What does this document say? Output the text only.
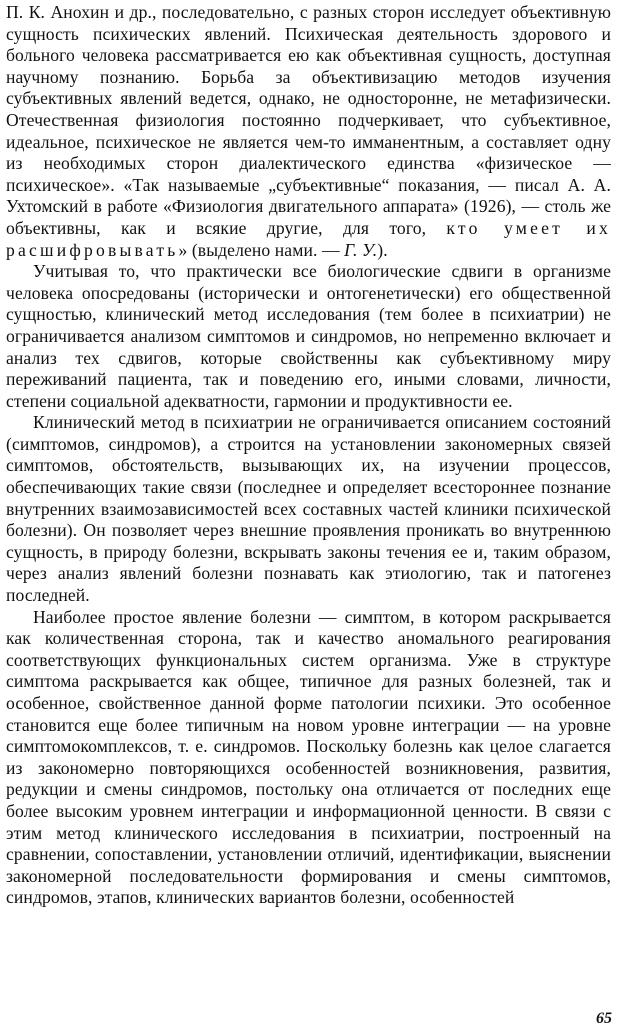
П. К. Анохин и др., последовательно, с разных сторон исследует объективную сущность психических явлений. Психическая деятельность здорового и больного человека рассматривается ею как объективная сущность, доступная научному познанию. Борьба за объективизацию методов изучения субъективных явлений ведется, однако, не односторонне, не метафизически. Отечественная физиология постоянно подчеркивает, что субъективное, идеальное, психическое не является чем-то имманентным, а составляет одну из необходимых сторон диалектического единства «физическое — психическое». «Так называемые „субъективные“ показания, — писал А. А. Ухтомский в работе «Физиология двигательного аппарата» (1926), — столь же объективны, как и всякие другие, для того, кто умеет их расшифровывать» (выделено нами. — Г. У.).

Учитывая то, что практически все биологические сдвиги в организме человека опосредованы (исторически и онтогенетически) его общественной сущностью, клинический метод исследования (тем более в психиатрии) не ограничивается анализом симптомов и синдромов, но непременно включает и анализ тех сдвигов, которые свойственны как субъективному миру переживаний пациента, так и поведению его, иными словами, личности, степени социальной адекватности, гармонии и продуктивности ее.

Клинический метод в психиатрии не ограничивается описанием состояний (симптомов, синдромов), а строится на установлении закономерных связей симптомов, обстоятельств, вызывающих их, на изучении процессов, обеспечивающих такие связи (последнее и определяет всестороннее познание внутренних взаимозависимостей всех составных частей клиники психической болезни). Он позволяет через внешние проявления проникать во внутреннюю сущность, в природу болезни, вскрывать законы течения ее и, таким образом, через анализ явлений болезни познавать как этиологию, так и патогенез последней.

Наиболее простое явление болезни — симптом, в котором раскрывается как количественная сторона, так и качество аномального реагирования соответствующих функциональных систем организма. Уже в структуре симптома раскрывается как общее, типичное для разных болезней, так и особенное, свойственное данной форме патологии психики. Это особенное становится еще более типичным на новом уровне интеграции — на уровне симптомокомплексов, т. е. синдромов. Поскольку болезнь как целое слагается из закономерно повторяющихся особенностей возникновения, развития, редукции и смены синдромов, постольку она отличается от последних еще более высоким уровнем интеграции и информационной ценности. В связи с этим метод клинического исследования в психиатрии, построенный на сравнении, сопоставлении, установлении отличий, идентификации, выяснении закономерной последовательности формирования и смены симптомов, синдромов, этапов, клинических вариантов болезни, особенностей

65
